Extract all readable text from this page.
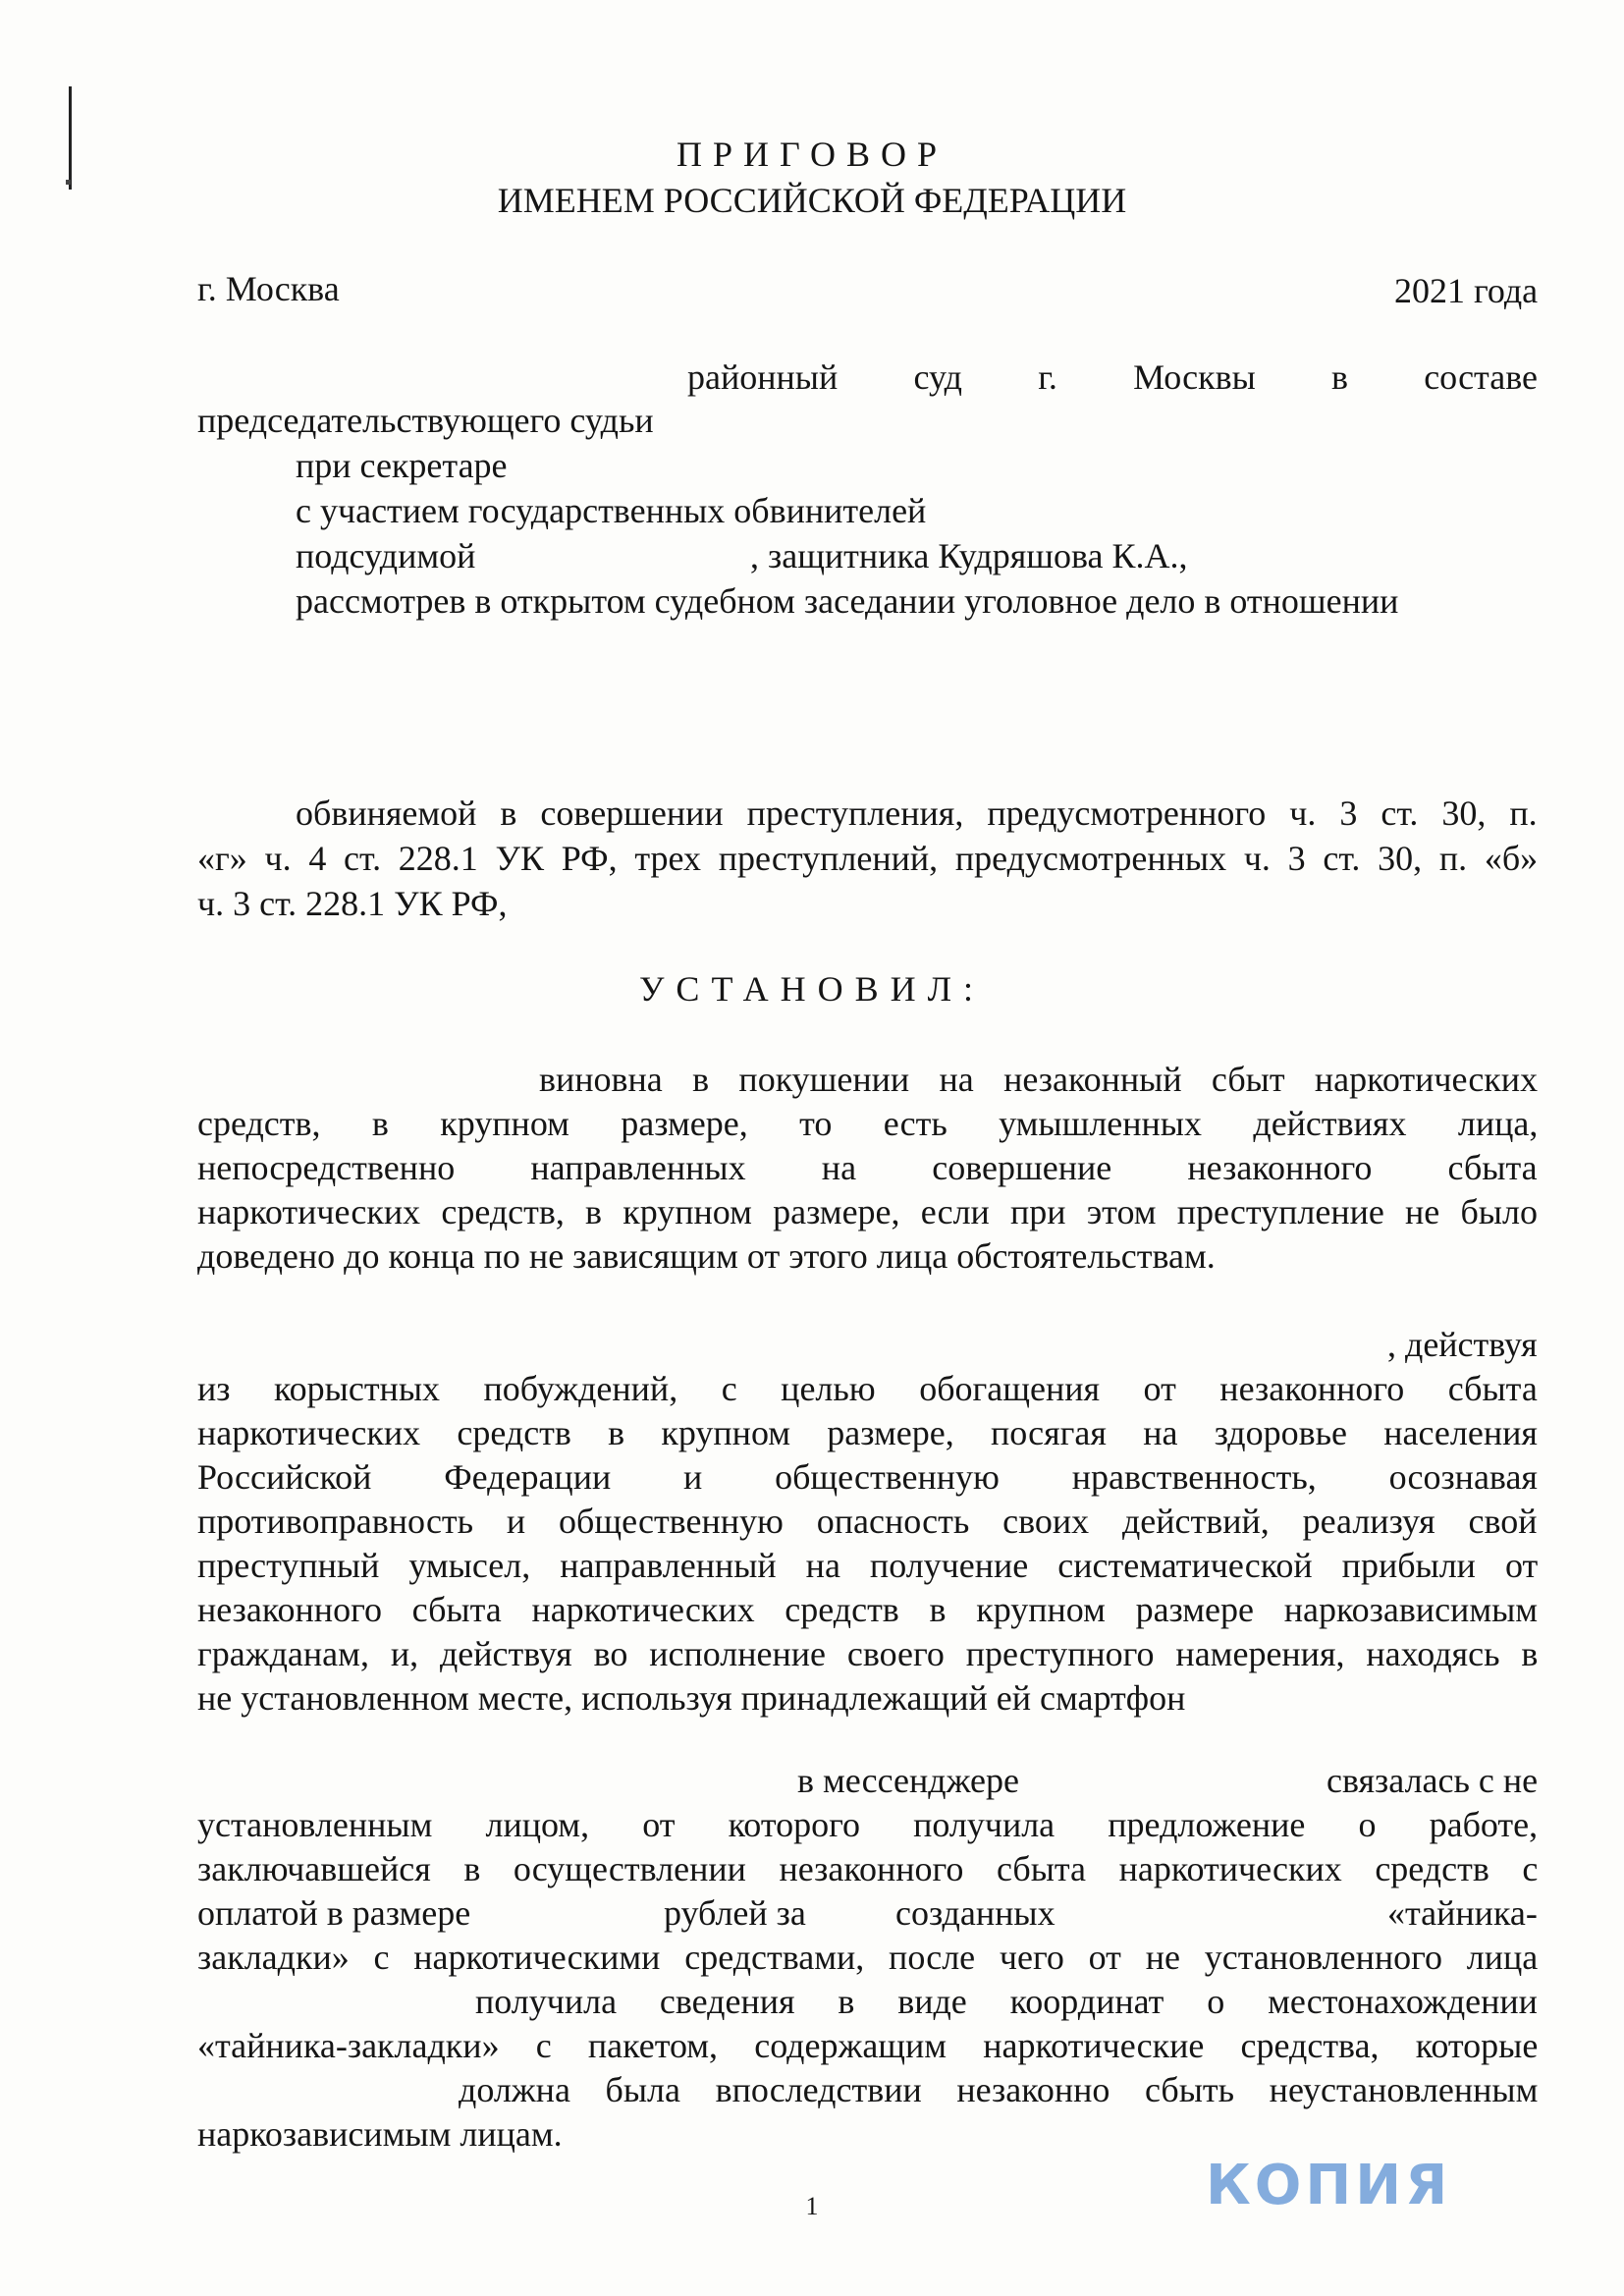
ПРИГОВОР
ИМЕНЕМ РОССИЙСКОЙ ФЕДЕРАЦИИ
г. Москва	2021 года
районный суд г. Москвы в составе
председательствующего судьи
при секретаре
с участием государственных обвинителей
подсудимой	, защитника Кудряшова К.А.,
рассмотрев в открытом судебном заседании уголовное дело в отношении
обвиняемой в совершении преступления, предусмотренного ч. 3 ст. 30, п.
«г» ч. 4 ст. 228.1 УК РФ, трех преступлений, предусмотренных ч. 3 ст. 30, п. «б»
ч. 3 ст. 228.1 УК РФ,
УСТАНОВИЛ:
виновна в покушении на незаконный сбыт наркотических
средств, в крупном размере, то есть умышленных действиях лица,
непосредственно направленных на совершение незаконного сбыта
наркотических средств, в крупном размере, если при этом преступление не было
доведено до конца по не зависящим от этого лица обстоятельствам.
, действуя
из корыстных побуждений, с целью обогащения от незаконного сбыта
наркотических средств в крупном размере, посягая на здоровье населения
Российской Федерации и общественную нравственность, осознавая
противоправность и общественную опасность своих действий, реализуя свой
преступный умысел, направленный на получение систематической прибыли от
незаконного сбыта наркотических средств в крупном размере наркозависимым
гражданам, и, действуя во исполнение своего преступного намерения, находясь в
не установленном месте, используя принадлежащий ей смартфон
в мессенджере	связалась с не
установленным лицом, от которого получила предложение о работе,
заключавшейся в осуществлении незаконного сбыта наркотических средств с
оплатой в размере	рублей за	созданных	«тайника-
закладки» с наркотическими средствами, после чего от не установленного лица
получила сведения в виде координат о местонахождении
«тайника-закладки» с пакетом, содержащим наркотические средства, которые
должна была впоследствии незаконно сбыть неустановленным
наркозависимым лицам.
КОПИЯ
1
